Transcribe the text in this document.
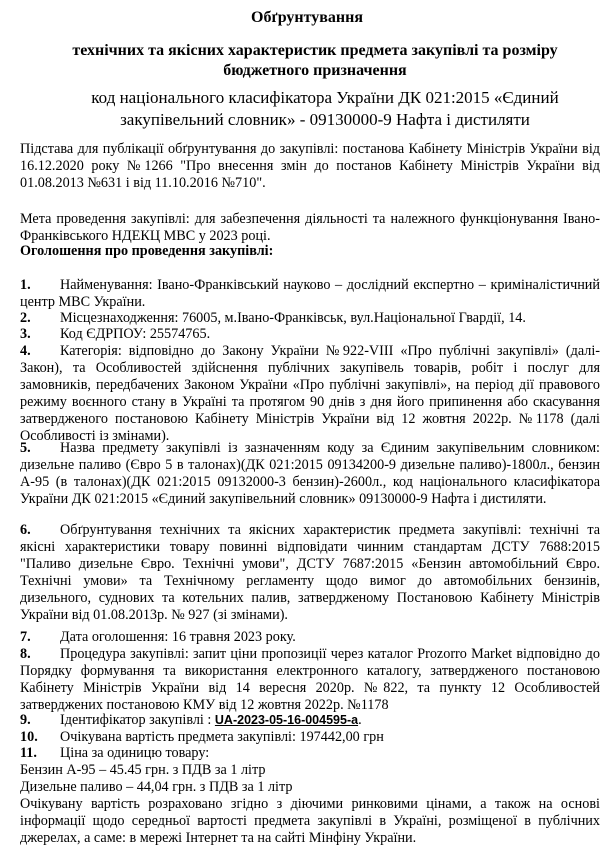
Обґрунтування
технічних та якісних характеристик предмета закупівлі та розміру бюджетного призначення
код національного класифікатора України ДК 021:2015 «Єдиний закупівельний словник» - 09130000-9 Нафта і дистиляти
Підстава для публікації обґрунтування до закупівлі: постанова Кабінету Міністрів України від 16.12.2020 року №1266 "Про внесення змін до постанов Кабінету Міністрів України від 01.08.2013 №631 і від 11.10.2016 №710".
Мета проведення закупівлі: для забезпечення діяльності та належного функціонування Івано-Франківського НДЕКЦ МВС у 2023 році.
Оголошення про проведення закупівлі:
1. Найменування: Івано-Франківський науково – дослідний експертно – криміналістичний центр МВС України.
2. Місцезнаходження: 76005, м.Івано-Франківськ, вул.Національної Гвардії, 14.
3. Код ЄДРПОУ: 25574765.
4. Категорія: відповідно до Закону України №922-VIII «Про публічні закупівлі» (далі-Закон), та Особливостей здійснення публічних закупівель товарів, робіт і послуг для замовників, передбачених Законом України «Про публічні закупівлі», на період дії правового режиму воєнного стану в Україні та протягом 90 днів з дня його припинення або скасування затвердженого постановою Кабінету Міністрів України від 12 жовтня 2022р. №1178 (далі Особливості із змінами).
5. Назва предмету закупівлі із зазначенням коду за Єдиним закупівельним словником: дизельне паливо (Євро 5 в талонах)(ДК 021:2015 09134200-9 дизельне паливо)-1800л., бензин А-95 (в талонах)(ДК 021:2015 09132000-3 бензин)-2600л., код національного класифікатора України ДК 021:2015 «Єдиний закупівельний словник» 09130000-9 Нафта і дистиляти.
6. Обґрунтування технічних та якісних характеристик предмета закупівлі: технічні та якісні характеристики товару повинні відповідати чинним стандартам ДСТУ 7688:2015 "Паливо дизельне Євро. Технічні умови", ДСТУ 7687:2015 «Бензин автомобільний Євро. Технічні умови» та Технічному регламенту щодо вимог до автомобільних бензинів, дизельного, суднових та котельних палив, затвердженому Постановою Кабінету Міністрів України від 01.08.2013р. № 927 (зі змінами).
7. Дата оголошення: 16 травня 2023 року.
8. Процедура закупівлі: запит ціни пропозиції через каталог Prozorro Market відповідно до Порядку формування та використання електронного каталогу, затвердженого постановою Кабінету Міністрів України від 14 вересня 2020р. №822, та пункту 12 Особливостей затверджених постановою КМУ від 12 жовтня 2022р. №1178
9. Ідентифікатор закупівлі : UA-2023-05-16-004595-a.
10. Очікувана вартість предмета закупівлі: 197442,00 грн
11. Ціна за одиницю товару:
Бензин А-95 – 45.45 грн. з ПДВ за 1 літр
Дизельне паливо – 44,04 грн. з ПДВ за 1 літр
Очікувану вартість розраховано згідно з діючими ринковими цінами, а також на основі інформації щодо середньої вартості предмета закупівлі в Україні, розміщеної в публічних джерелах, а саме: в мережі Інтернет та на сайті Мінфіну України.
